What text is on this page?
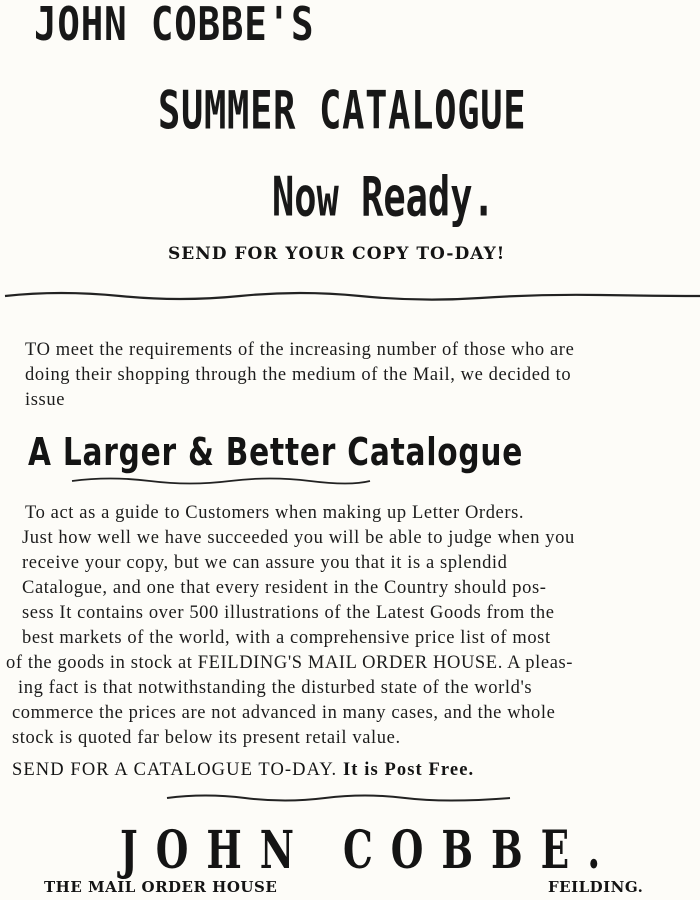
JOHN COBBE'S
SUMMER CATALOGUE
Now Ready.
SEND FOR YOUR COPY TO-DAY!
TO meet the requirements of the increasing number of those who are
doing their shopping through the medium of the Mail, we decided to
issue
A Larger & Better Catalogue
To act as a guide to Customers when making up Letter Orders.
Just how well we have succeeded you will be able to judge when you
receive your copy, but we can assure you that it is a splendid
Catalogue, and one that every resident in the Country should pos-
sess It contains over 500 illustrations of the Latest Goods from the
best markets of the world, with a comprehensive price list of most
of the goods in stock at FEILDING'S MAIL ORDER HOUSE. A pleas-
ing fact is that notwithstanding the disturbed state of the world's
commerce the prices are not advanced in many cases, and the whole
stock is quoted far below its present retail value.
SEND FOR A CATALOGUE TO-DAY. It is Post Free.
JOHN COBBE.
THE MAIL ORDER HOUSE	FEILDING.
